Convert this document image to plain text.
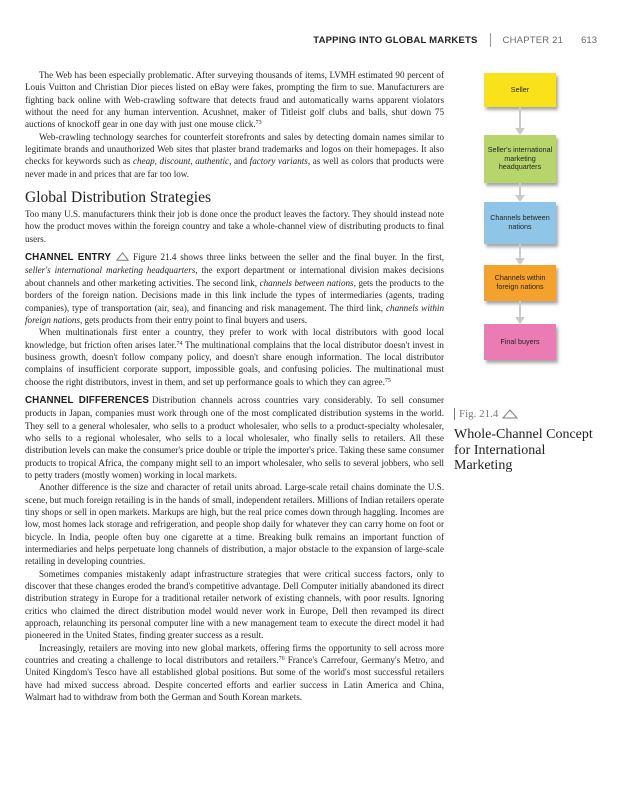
TAPPING INTO GLOBAL MARKETS	CHAPTER 21 613

The Web has been especially problematic. After surveying thousands of items, LVMH estimated 90 percent of Louis Vuitton and Christian Dior pieces listed on eBay were fakes, prompting the firm to sue. Manufacturers are fighting back online with Web-crawling software that detects fraud and automatically warns apparent violators without the need for any human intervention. Acushnet, maker of Titleist golf clubs and balls, shut down 75 auctions of knockoff gear in one day with just one mouse click.$^{73}$

Web-crawling technology searches for counterfeit storefronts and sales by detecting domain names similar to legitimate brands and unauthorized Web sites that plaster brand trademarks and logos on their homepages. It also checks for keywords such as cheap, discount, authentic, and factory variants, as well as colors that products were never made in and prices that are far too low.

Global Distribution Strategies

Too many U.S. manufacturers think their job is done once the product leaves the factory. They should instead note how the product moves within the foreign country and take a whole-channel view of distributing products to final users.

CHANNEL ENTRY Figure 21.4 shows three links between the seller and the final buyer. In the first, seller's international marketing headquarters, the export department or international division makes decisions about channels and other marketing activities. The second link, channels between nations, gets the products to the borders of the foreign nation. Decisions made in this link include the types of intermediaries (agents, trading companies), type of transportation (air, sea), and financing and risk management. The third link, channels within foreign nations, gets products from their entry point to final buyers and users.

When multinationals first enter a country, they prefer to work with local distributors with good local knowledge, but friction often arises later.$^{74}$ The multinational complains that the local distributor doesn't invest in business growth, doesn't follow company policy, and doesn't share enough information. The local distributor complains of insufficient corporate support, impossible goals, and confusing policies. The multinational must choose the right distributors, invest in them, and set up performance goals to which they can agree.$^{75}$

CHANNEL DIFFERENCES Distribution channels across countries vary considerably. To sell consumer products in Japan, companies must work through one of the most complicated distribution systems in the world. They sell to a general wholesaler, who sells to a product wholesaler, who sells to a product-specialty wholesaler, who sells to a regional wholesaler, who sells to a local wholesaler, who finally sells to retailers. All these distribution levels can make the consumer's price double or triple the importer's price. Taking these same consumer products to tropical Africa, the company might sell to an import wholesaler, who sells to several jobbers, who sell to petty traders (mostly women) working in local markets.

Another difference is the size and character of retail units abroad. Large-scale retail chains dominate the U.S. scene, but much foreign retailing is in the hands of small, independent retailers. Millions of Indian retailers operate tiny shops or sell in open markets. Markups are high, but the real price comes down through haggling. Incomes are low, most homes lack storage and refrigeration, and people shop daily for whatever they can carry home on foot or bicycle. In India, people often buy one cigarette at a time. Breaking bulk remains an important function of intermediaries and helps perpetuate long channels of distribution, a major obstacle to the expansion of large-scale retailing in developing countries.

Sometimes companies mistakenly adapt infrastructure strategies that were critical success factors, only to discover that these changes eroded the brand's competitive advantage. Dell Computer initially abandoned its direct distribution strategy in Europe for a traditional retailer network of existing channels, with poor results. Ignoring critics who claimed the direct distribution model would never work in Europe, Dell then revamped its direct approach, relaunching its personal computer line with a new management team to execute the direct model it had pioneered in the United States, finding greater success as a result.

Increasingly, retailers are moving into new global markets, offering firms the opportunity to sell across more countries and creating a challenge to local distributors and retailers.$^{76}$ France's Carrefour, Germany's Metro, and United Kingdom's Tesco have all established global positions. But some of the world's most successful retailers have had mixed success abroad. Despite concerted efforts and earlier success in Latin America and China, Walmart had to withdraw from both the German and South Korean markets.

Seller
Seller's international marketing headquarters
Channels between nations
Channels within foreign nations
Final buyers
Fig. 21.4
Whole-Channel Concept for International Marketing
